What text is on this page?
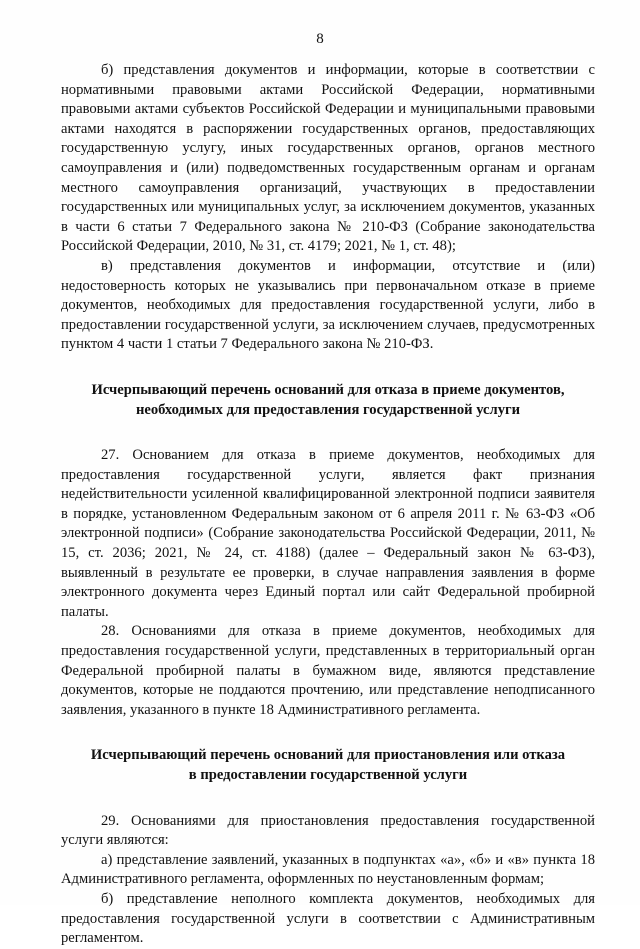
8

б) представления документов и информации, которые в соответствии с нормативными правовыми актами Российской Федерации, нормативными правовыми актами субъектов Российской Федерации и муниципальными правовыми актами находятся в распоряжении государственных органов, предоставляющих государственную услугу, иных государственных органов, органов местного самоуправления и (или) подведомственных государственным органам и органам местного самоуправления организаций, участвующих в предоставлении государственных или муниципальных услуг, за исключением документов, указанных в части 6 статьи 7 Федерального закона № 210-ФЗ (Собрание законодательства Российской Федерации, 2010, № 31, ст. 4179; 2021, № 1, ст. 48);

в) представления документов и информации, отсутствие и (или) недостоверность которых не указывались при первоначальном отказе в приеме документов, необходимых для предоставления государственной услуги, либо в предоставлении государственной услуги, за исключением случаев, предусмотренных пунктом 4 части 1 статьи 7 Федерального закона № 210-ФЗ.

Исчерпывающий перечень оснований для отказа в приеме документов,

необходимых для предоставления государственной услуги

27. Основанием для отказа в приеме документов, необходимых для предоставления государственной услуги, является факт признания недействительности усиленной квалифицированной электронной подписи заявителя в порядке, установленном Федеральным законом от 6 апреля 2011 г. № 63-ФЗ «Об электронной подписи» (Собрание законодательства Российской Федерации, 2011, № 15, ст. 2036; 2021, № 24, ст. 4188) (далее – Федеральный закон № 63-ФЗ), выявленный в результате ее проверки, в случае направления заявления в форме электронного документа через Единый портал или сайт Федеральной пробирной палаты.

28. Основаниями для отказа в приеме документов, необходимых для предоставления государственной услуги, представленных в территориальный орган Федеральной пробирной палаты в бумажном виде, являются представление документов, которые не поддаются прочтению, или представление неподписанного заявления, указанного в пункте 18 Административного регламента.

Исчерпывающий перечень оснований для приостановления или отказа

в предоставлении государственной услуги

29. Основаниями для приостановления предоставления государственной услуги являются:

а) представление заявлений, указанных в подпунктах «а», «б» и «в» пункта 18 Административного регламента, оформленных по неустановленным формам;

б) представление неполного комплекта документов, необходимых для предоставления государственной услуги в соответствии с Административным регламентом.
